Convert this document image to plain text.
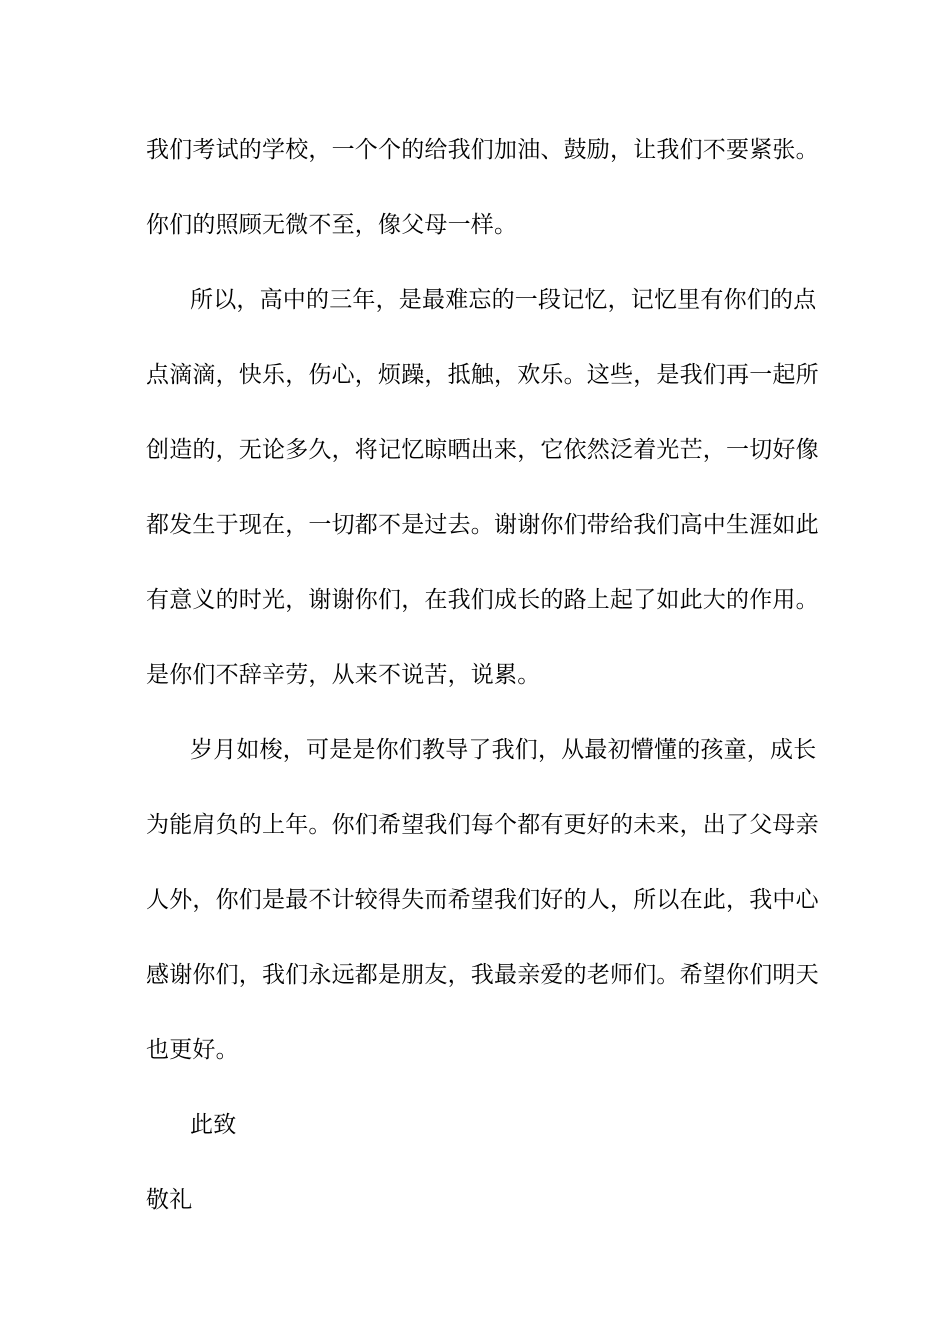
我们考试的学校，一个个的给我们加油、鼓励，让我们不要紧张。
你们的照顾无微不至，像父母一样。
所以，高中的三年，是最难忘的一段记忆，记忆里有你们的点
点滴滴，快乐，伤心，烦躁，抵触，欢乐。这些，是我们再一起所
创造的，无论多久，将记忆晾晒出来，它依然泛着光芒，一切好像
都发生于现在，一切都不是过去。谢谢你们带给我们高中生涯如此
有意义的时光，谢谢你们，在我们成长的路上起了如此大的作用。
是你们不辞辛劳，从来不说苦，说累。
岁月如梭，可是是你们教导了我们，从最初懵懂的孩童，成长
为能肩负的上年。你们希望我们每个都有更好的未来，出了父母亲
人外，你们是最不计较得失而希望我们好的人，所以在此，我中心
感谢你们，我们永远都是朋友，我最亲爱的老师们。希望你们明天
也更好。
此致
敬礼
